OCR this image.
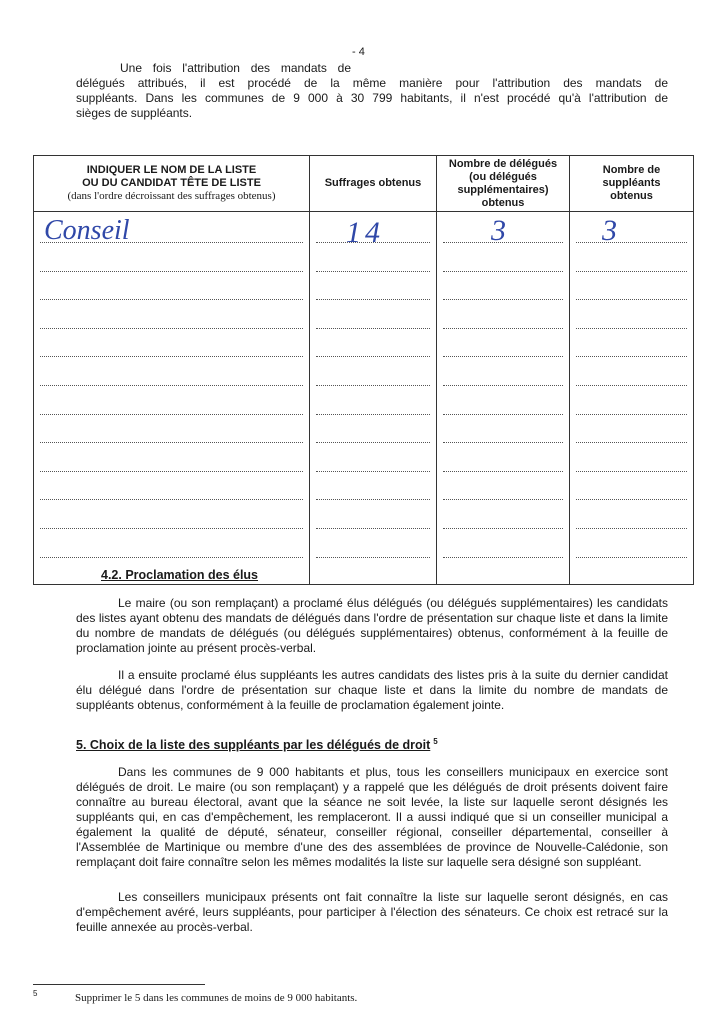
- 4
Une fois l'attribution des mandats de
délégués attribués, il est procédé de la même manière pour l'attribution des mandats de
suppléants. Dans les communes de 9 000 à 30 799 habitants, il n'est procédé qu'à l'attribution de
sièges de suppléants.
INDIQUER LE NOM DE LA LISTE
OU DU CANDIDAT TÊTE DE LISTE
(dans l'ordre décroissant des suffrages obtenus)	Suffrages obtenus	Nombre de délégués
(ou délégués
supplémentaires)
obtenus	Nombre de
suppléants
obtenus

Conseil	14	3	3
4.2. Proclamation des élus
Le maire (ou son remplaçant) a proclamé élus délégués (ou délégués supplémentaires) les candidats des listes ayant obtenu des mandats de délégués dans l'ordre de présentation sur chaque liste et dans la limite du nombre de mandats de délégués (ou délégués supplémentaires) obtenus, conformément à la feuille de proclamation jointe au présent procès-verbal.
Il a ensuite proclamé élus suppléants les autres candidats des listes pris à la suite du dernier candidat élu délégué dans l'ordre de présentation sur chaque liste et dans la limite du nombre de mandats de suppléants obtenus, conformément à la feuille de proclamation également jointe.
5. Choix de la liste des suppléants par les délégués de droit $^5$
Dans les communes de 9 000 habitants et plus, tous les conseillers municipaux en exercice sont délégués de droit. Le maire (ou son remplaçant) y a rappelé que les délégués de droit présents doivent faire connaître au bureau électoral, avant que la séance ne soit levée, la liste sur laquelle seront désignés les suppléants qui, en cas d'empêchement, les remplaceront. Il a aussi indiqué que si un conseiller municipal a également la qualité de député, sénateur, conseiller régional, conseiller départemental, conseiller à l'Assemblée de Martinique ou membre d'une des des assemblées de province de Nouvelle-Calédonie, son remplaçant doit faire connaître selon les mêmes modalités la liste sur laquelle sera désigné son suppléant.
Les conseillers municipaux présents ont fait connaître la liste sur laquelle seront désignés, en cas d'empêchement avéré, leurs suppléants, pour participer à l'élection des sénateurs. Ce choix est retracé sur la feuille annexée au procès-verbal.
5	Supprimer le 5 dans les communes de moins de 9 000 habitants.
